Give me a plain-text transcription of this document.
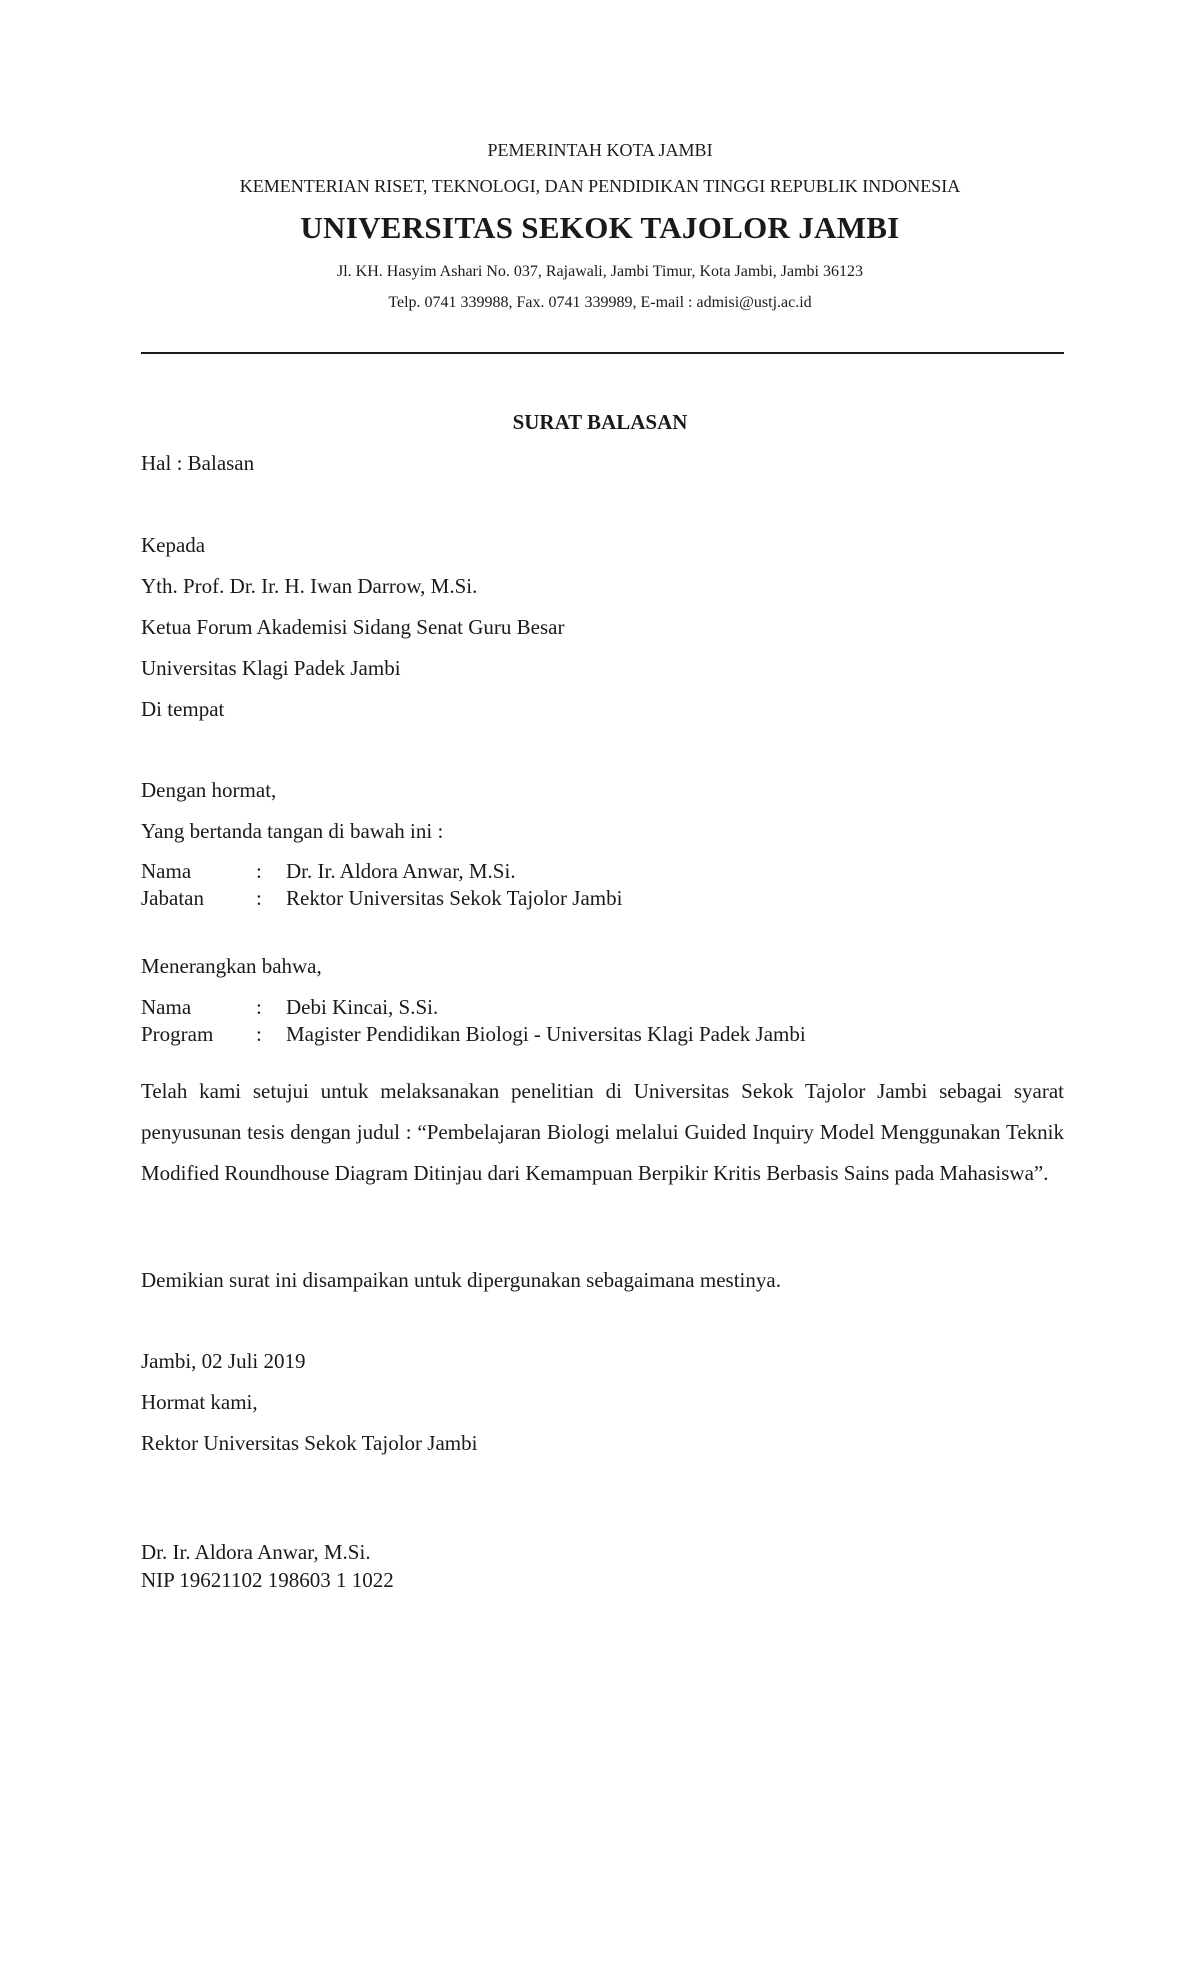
PEMERINTAH KOTA JAMBI
KEMENTERIAN RISET, TEKNOLOGI, DAN PENDIDIKAN TINGGI REPUBLIK INDONESIA
UNIVERSITAS SEKOK TAJOLOR JAMBI
Jl. KH. Hasyim Ashari No. 037, Rajawali, Jambi Timur, Kota Jambi, Jambi 36123
Telp. 0741 339988, Fax. 0741 339989, E-mail : admisi@ustj.ac.id
SURAT BALASAN
Hal : Balasan
Kepada
Yth. Prof. Dr. Ir. H. Iwan Darrow, M.Si.
Ketua Forum Akademisi Sidang Senat Guru Besar
Universitas Klagi Padek Jambi
Di tempat
Dengan hormat,
Yang bertanda tangan di bawah ini :
Nama	:	Dr. Ir. Aldora Anwar, M.Si.
Jabatan	:	Rektor Universitas Sekok Tajolor Jambi
Menerangkan bahwa,
Nama	:	Debi Kincai, S.Si.
Program	:	Magister Pendidikan Biologi - Universitas Klagi Padek Jambi
Telah kami setujui untuk melaksanakan penelitian di Universitas Sekok Tajolor Jambi sebagai syarat penyusunan tesis dengan judul : “Pembelajaran Biologi melalui Guided Inquiry Model Menggunakan Teknik Modified Roundhouse Diagram Ditinjau dari Kemampuan Berpikir Kritis Berbasis Sains pada Mahasiswa”.
Demikian surat ini disampaikan untuk dipergunakan sebagaimana mestinya.
Jambi, 02 Juli 2019
Hormat kami,
Rektor Universitas Sekok Tajolor Jambi
Dr. Ir. Aldora Anwar, M.Si.
NIP 19621102 198603 1 1022
